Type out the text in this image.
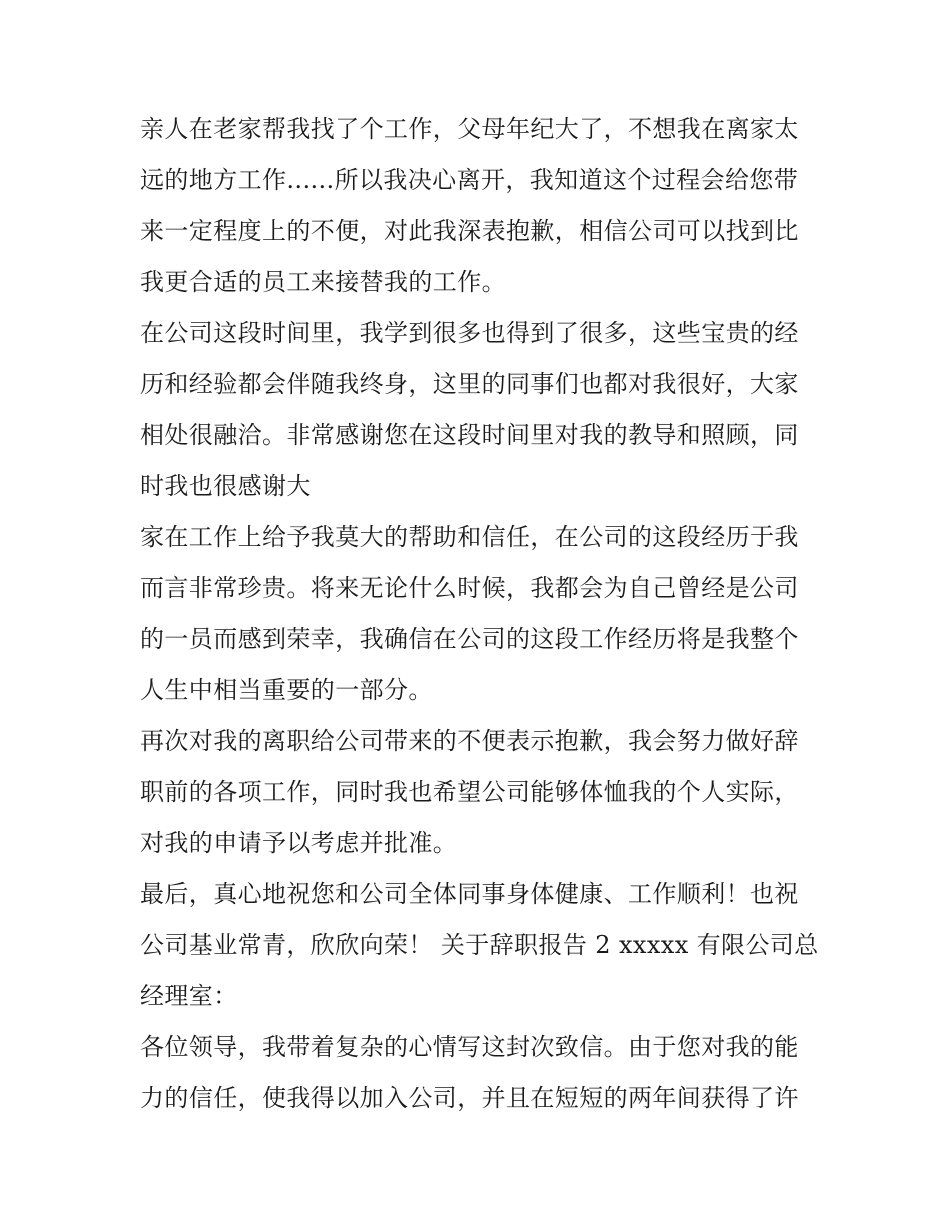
亲人在老家帮我找了个工作，父母年纪大了，不想我在离家太
远的地方工作......所以我决心离开，我知道这个过程会给您带
来一定程度上的不便，对此我深表抱歉，相信公司可以找到比
我更合适的员工来接替我的工作。
在公司这段时间里，我学到很多也得到了很多，这些宝贵的经
历和经验都会伴随我终身，这里的同事们也都对我很好，大家
相处很融洽。非常感谢您在这段时间里对我的教导和照顾，同
时我也很感谢大
家在工作上给予我莫大的帮助和信任，在公司的这段经历于我
而言非常珍贵。将来无论什么时候，我都会为自己曾经是公司
的一员而感到荣幸，我确信在公司的这段工作经历将是我整个
人生中相当重要的一部分。
再次对我的离职给公司带来的不便表示抱歉，我会努力做好辞
职前的各项工作，同时我也希望公司能够体恤我的个人实际，
对我的申请予以考虑并批准。
最后，真心地祝您和公司全体同事身体健康、工作顺利！也祝
公司基业常青，欣欣向荣！ 关于辞职报告 2 xxxxx 有限公司总
经理室：
各位领导，我带着复杂的心情写这封次致信。由于您对我的能
力的信任，使我得以加入公司，并且在短短的两年间获得了许
